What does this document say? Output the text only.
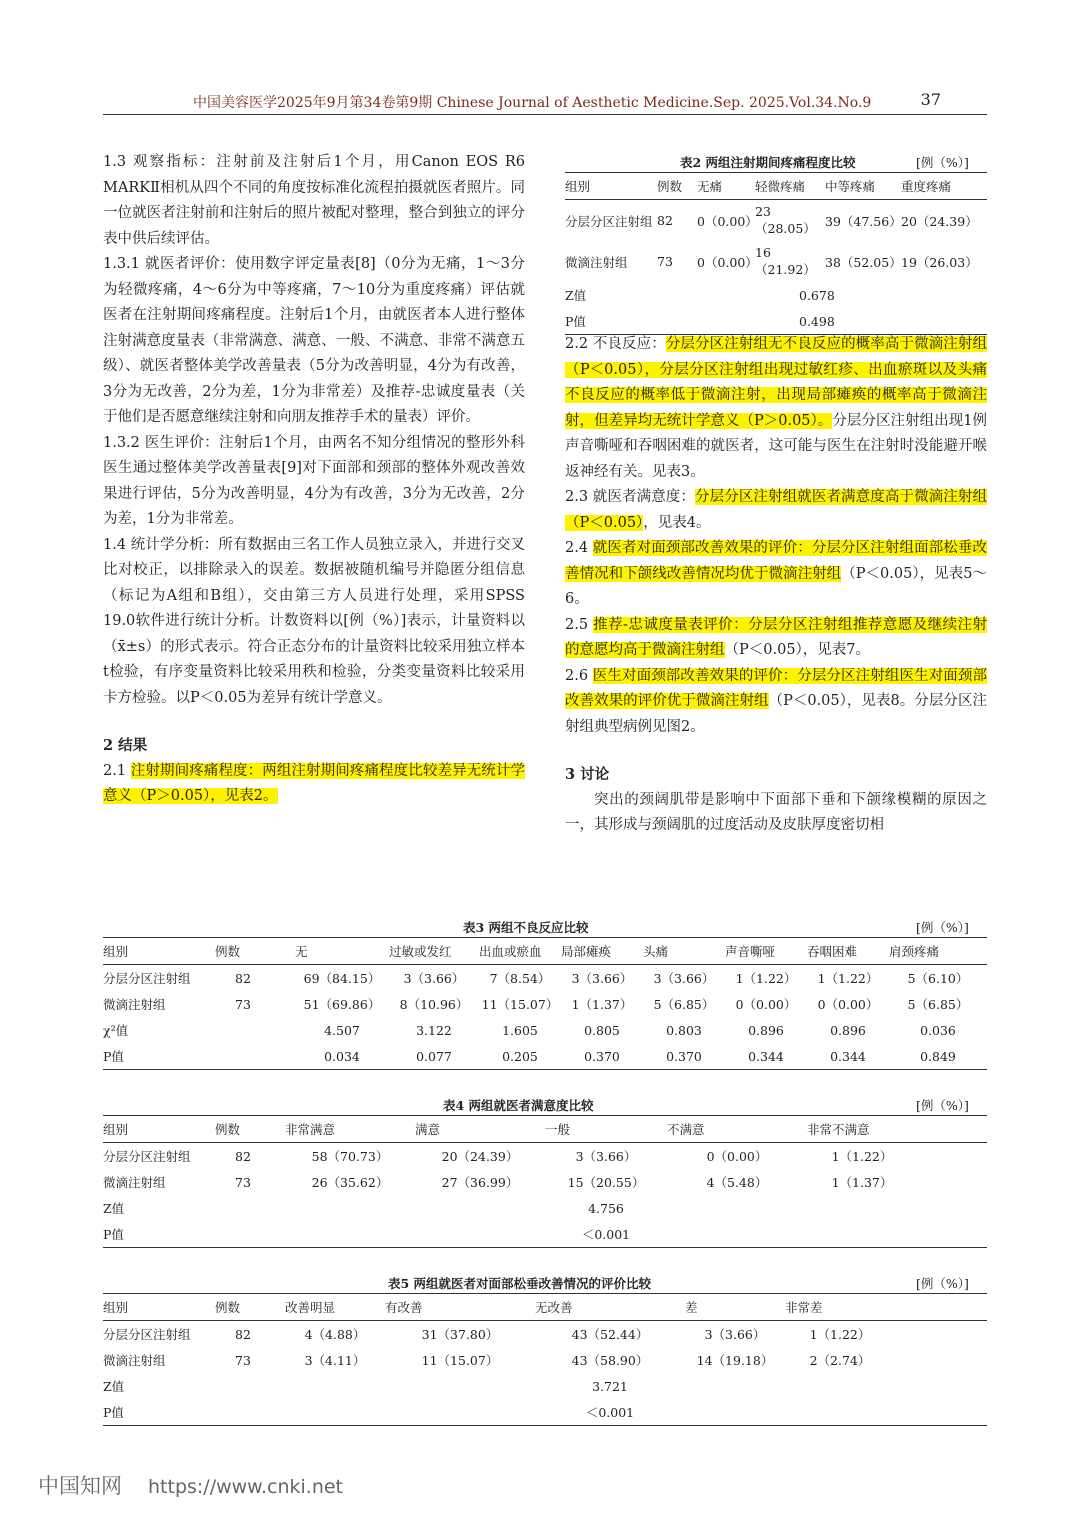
中国美容医学2025年9月第34卷第9期 Chinese Journal of Aesthetic Medicine.Sep. 2025.Vol.34.No.9	37

1.3 观察指标：注射前及注射后1个月，用Canon EOS R6 MARKⅡ相机从四个不同的角度按标准化流程拍摄就医者照片。同一位就医者注射前和注射后的照片被配对整理，整合到独立的评分表中供后续评估。

1.3.1 就医者评价：使用数字评定量表[8]（0分为无痛，1～3分为轻微疼痛，4～6分为中等疼痛，7～10分为重度疼痛）评估就医者在注射期间疼痛程度。注射后1个月，由就医者本人进行整体注射满意度量表（非常满意、满意、一般、不满意、非常不满意五级）、就医者整体美学改善量表（5分为改善明显，4分为有改善，3分为无改善，2分为差，1分为非常差）及推荐-忠诚度量表（关于他们是否愿意继续注射和向朋友推荐手术的量表）评价。

1.3.2 医生评价：注射后1个月，由两名不知分组情况的整形外科医生通过整体美学改善量表[9]对下面部和颈部的整体外观改善效果进行评估，5分为改善明显，4分为有改善，3分为无改善，2分为差，1分为非常差。

1.4 统计学分析：所有数据由三名工作人员独立录入，并进行交叉比对校正，以排除录入的误差。数据被随机编号并隐匿分组信息（标记为A组和B组），交由第三方人员进行处理，采用SPSS 19.0软件进行统计分析。计数资料以[例（%）]表示，计量资料以（x̄±s）的形式表示。符合正态分布的计量资料比较采用独立样本t检验，有序变量资料比较采用秩和检验，分类变量资料比较采用卡方检验。以P＜0.05为差异有统计学意义。

2 结果

2.1 注射期间疼痛程度：两组注射期间疼痛程度比较差异无统计学意义（P＞0.05），见表2。

表2 两组注射期间疼痛程度比较	[例（%）]
组别	例数	无痛	轻微疼痛	中等疼痛	重度疼痛
分层分区注射组	82	0（0.00）	23（28.05）	39（47.56）	20（24.39）
微滴注射组	73	0（0.00）	16（21.92）	38（52.05）	19（26.03）
Z值			0.678		
P值			0.498		

2.2 不良反应：分层分区注射组无不良反应的概率高于微滴注射组（P＜0.05），分层分区注射组出现过敏红疹、出血瘀斑以及头痛不良反应的概率低于微滴注射，出现局部瘫痪的概率高于微滴注射，但差异均无统计学意义（P＞0.05）。分层分区注射组出现1例声音嘶哑和吞咽困难的就医者，这可能与医生在注射时没能避开喉返神经有关。见表3。

2.3 就医者满意度：分层分区注射组就医者满意度高于微滴注射组（P＜0.05），见表4。

2.4 就医者对面颈部改善效果的评价：分层分区注射组面部松垂改善情况和下颌线改善情况均优于微滴注射组（P＜0.05），见表5～6。

2.5 推荐-忠诚度量表评价：分层分区注射组推荐意愿及继续注射的意愿均高于微滴注射组（P＜0.05），见表7。

2.6 医生对面颈部改善效果的评价：分层分区注射组医生对面颈部改善效果的评价优于微滴注射组（P＜0.05），见表8。分层分区注射组典型病例见图2。

3 讨论

突出的颈阔肌带是影响中下面部下垂和下颌缘模糊的原因之一，其形成与颈阔肌的过度活动及皮肤厚度密切相

表3 两组不良反应比较	[例（%）]
组别	例数	无	过敏或发红	出血或瘀血	局部瘫痪	头痛	声音嘶哑	吞咽困难	肩颈疼痛
分层分区注射组	82	69（84.15）	3（3.66）	7（8.54）	3（3.66）	3（3.66）	1（1.22）	1（1.22）	5（6.10）
微滴注射组	73	51（69.86）	8（10.96）	11（15.07）	1（1.37）	5（6.85）	0（0.00）	0（0.00）	5（6.85）
χ²值		4.507	3.122	1.605	0.805	0.803	0.896	0.896	0.036
P值		0.034	0.077	0.205	0.370	0.370	0.344	0.344	0.849
表4 两组就医者满意度比较	[例（%）]
组别	例数	非常满意	满意	一般	不满意	非常不满意	
分层分区注射组	82	58（70.73）	20（24.39）	3（3.66）	0（0.00）	1（1.22）	
微滴注射组	73	26（35.62）	27（36.99）	15（20.55）	4（5.48）	1（1.37）	
Z值				4.756			
P值				＜0.001			
表5 两组就医者对面部松垂改善情况的评价比较	[例（%）]
组别	例数	改善明显	有改善	无改善	差	非常差	
分层分区注射组	82	4（4.88）	31（37.80）	43（52.44）	3（3.66）	1（1.22）	
微滴注射组	73	3（4.11）	11（15.07）	43（58.90）	14（19.18）	2（2.74）	
Z值				3.721			
P值				＜0.001			
中国知网 https://www.cnki.net
